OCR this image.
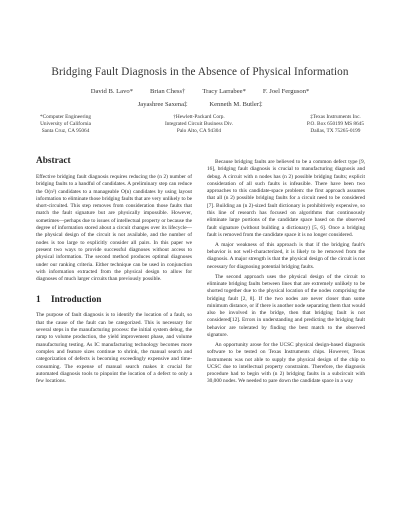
Bridging Fault Diagnosis in the Absence of Physical Information
David B. Lavo*	Brian Chess†	Tracy Larrabee*	F. Joel Ferguson*
Jayashree Saxena‡	Kenneth M. Butler‡
*Computer Engineering
University of California
Santa Cruz, CA 95064
†Hewlett-Packard Corp.
Integrated Circuit Business Div.
Palo Alto, CA 94304
‡Texas Instruments Inc.
P.O. Box 650199 MS 8645
Dallas, TX 75265-0199
Abstract

Effective bridging fault diagnosis requires reducing the (n 2) number of bridging faults to a handful of candidates. A preliminary step can reduce the O(n²) candidates to a manageable O(n) candidates by using layout information to eliminate those bridging faults that are very unlikely to be short-circuited. This step removes from consideration those faults that match the fault signature but are physically impossible. However, sometimes—perhaps due to issues of intellectual property or because the degree of information stored about a circuit changes over its lifecycle—the physical design of the circuit is not available, and the number of nodes is too large to explicitly consider all pairs. In this paper we present two ways to provide successful diagnoses without access to physical information. The second method produces optimal diagnoses under our ranking criteria. Either technique can be used in conjunction with information extracted from the physical design to allow for diagnoses of much larger circuits than previously possible.

1 Introduction

The purpose of fault diagnosis is to identify the location of a fault, so that the cause of the fault can be categorized. This is necessary for several steps in the manufacturing process: the initial system debug, the ramp to volume production, the yield improvement phase, and volume manufacturing testing. As IC manufacturing technology becomes more complex and feature sizes continue to shrink, the manual search and categorization of defects is becoming exceedingly expensive and time-consuming. The expense of manual search makes it crucial for automated diagnosis tools to pinpoint the location of a defect to only a few locations.

Because bridging faults are believed to be a common defect type [9, 16], bridging fault diagnosis is crucial to manufacturing diagnosis and debug. A circuit with n nodes has (n 2) possible bridging faults; explicit consideration of all such faults is infeasible. There have been two approaches to this candidate-space problem: the first approach assumes that all (n 2) possible bridging faults for a circuit need to be considered [7]. Building an (n 2)-sized fault dictionary is prohibitively expensive, so this line of research has focused on algorithms that continuously eliminate large portions of the candidate space based on the observed fault signature (without building a dictionary) [5, 6]. Once a bridging fault is removed from the candidate space it is no longer considered.

A major weakness of this approach is that if the bridging fault's behavior is not well-characterized, it is likely to be removed from the diagnosis. A major strength is that the physical design of the circuit is not necessary for diagnosing potential bridging faults.

The second approach uses the physical design of the circuit to eliminate bridging faults between lines that are extremely unlikely to be shorted together due to the physical location of the nodes comprising the bridging fault [2, 8]. If the two nodes are never closer than some minimum distance, or if there is another node separating them that would also be involved in the bridge, then that bridging fault is not considered[12]. Errors in understanding and predicting the bridging fault behavior are tolerated by finding the best match to the observed signature.

An opportunity arose for the UCSC physical design-based diagnosis software to be tested on Texas Instruments chips. However, Texas Instruments was not able to supply the physical design of the chip to UCSC due to intellectual property constraints. Therefore, the diagnosis procedure had to begin with (n 2) bridging faults in a subcircuit with 30,000 nodes. We needed to pare down the candidate space in a way
